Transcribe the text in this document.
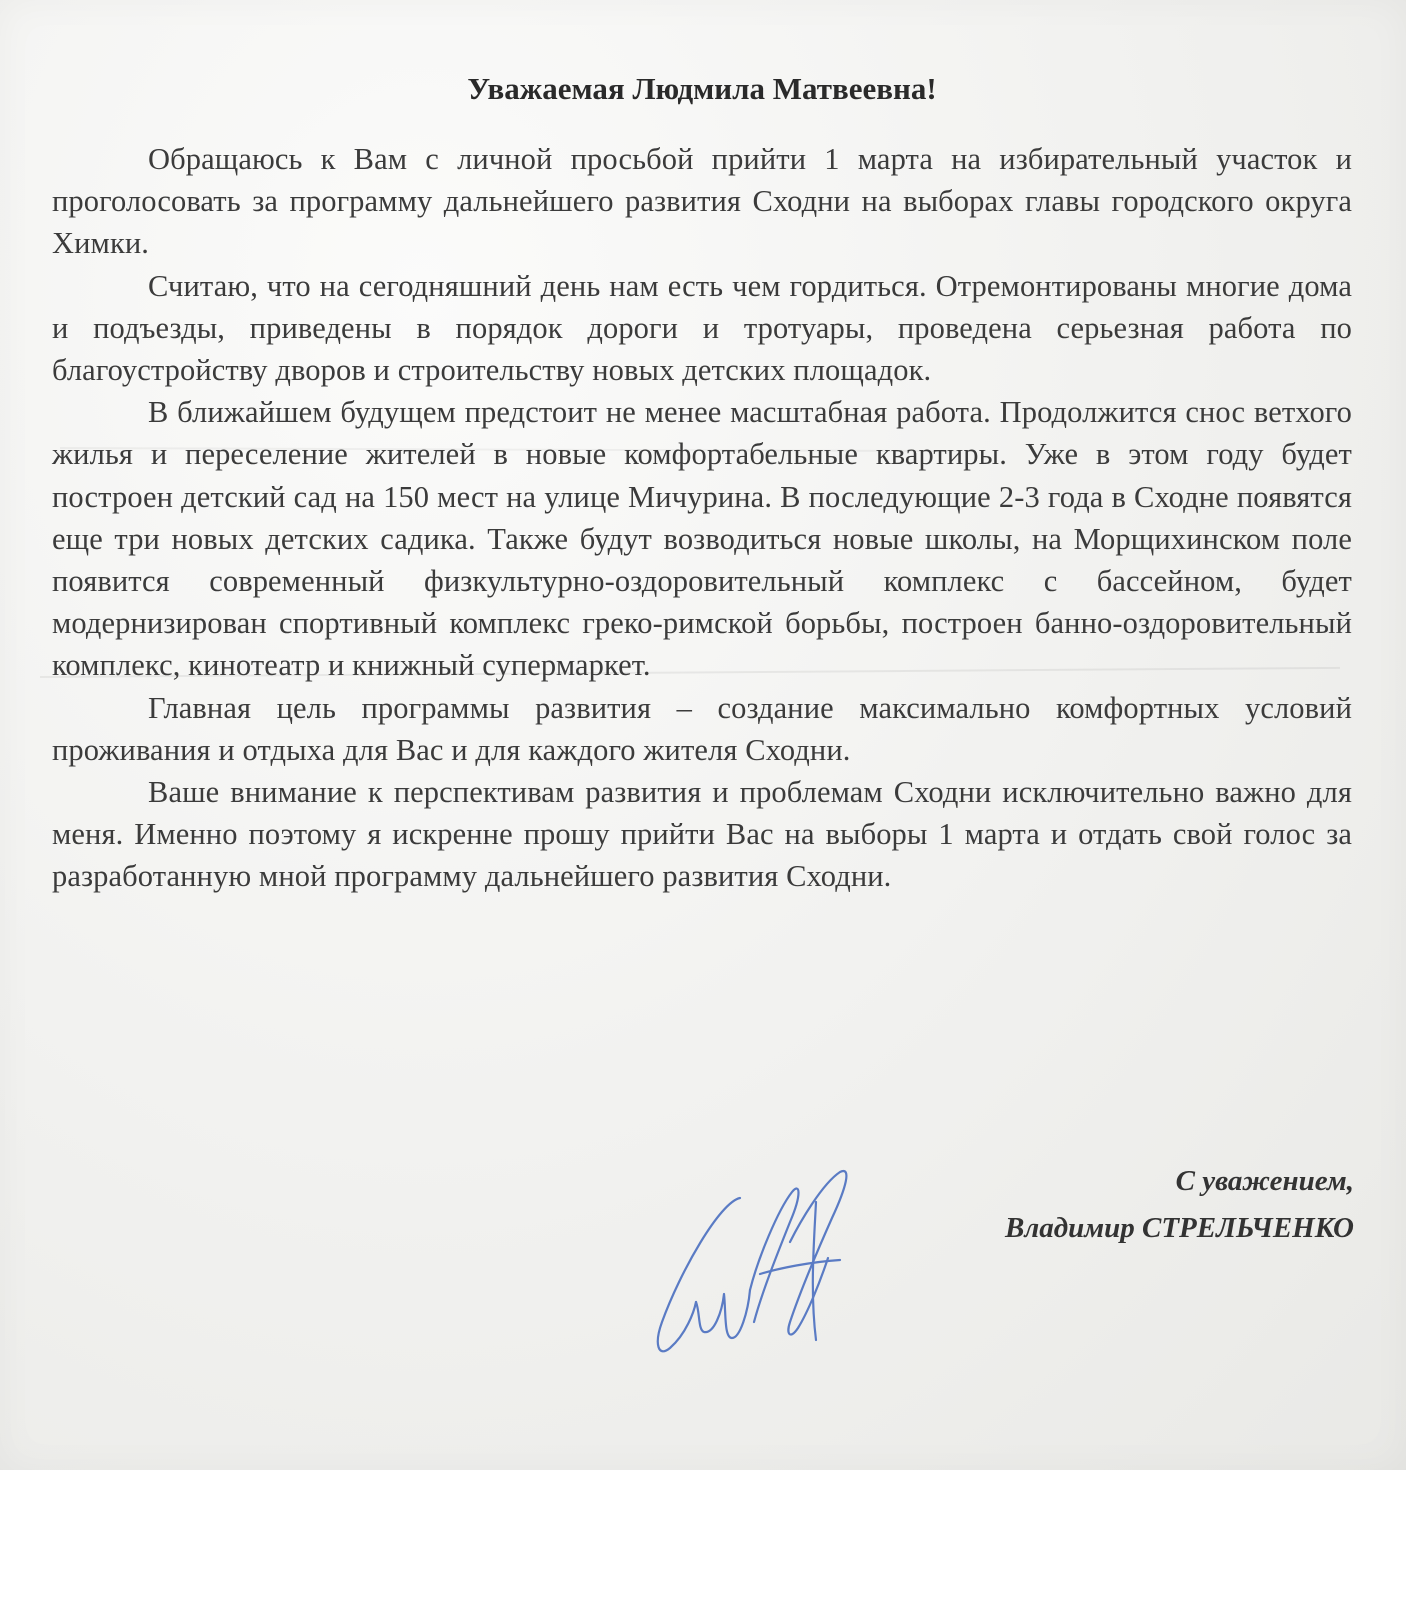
Уважаемая Людмила Матвеевна!

Обращаюсь к Вам с личной просьбой прийти 1 марта на избирательный участок и проголосовать за программу дальнейшего развития Сходни на выборах главы городского округа Химки.

Считаю, что на сегодняшний день нам есть чем гордиться. Отремонтированы многие дома и подъезды, приведены в порядок дороги и тротуары, проведена серьезная работа по благоустройству дворов и строительству новых детских площадок.

В ближайшем будущем предстоит не менее масштабная работа. Продолжится снос ветхого жилья и переселение жителей в новые комфортабельные квартиры. Уже в этом году будет построен детский сад на 150 мест на улице Мичурина. В последующие 2-3 года в Сходне появятся еще три новых детских садика. Также будут возводиться новые школы, на Морщихинском поле появится современный физкультурно-оздоровительный комплекс с бассейном, будет модернизирован спортивный комплекс греко-римской борьбы, построен банно-оздоровительный комплекс, кинотеатр и книжный супермаркет.

Главная цель программы развития – создание максимально комфортных условий проживания и отдыха для Вас и для каждого жителя Сходни.

Ваше внимание к перспективам развития и проблемам Сходни исключительно важно для меня. Именно поэтому я искренне прошу прийти Вас на выборы 1 марта и отдать свой голос за разработанную мной программу дальнейшего развития Сходни.

С уважением,
Владимир СТРЕЛЬЧЕНКО
